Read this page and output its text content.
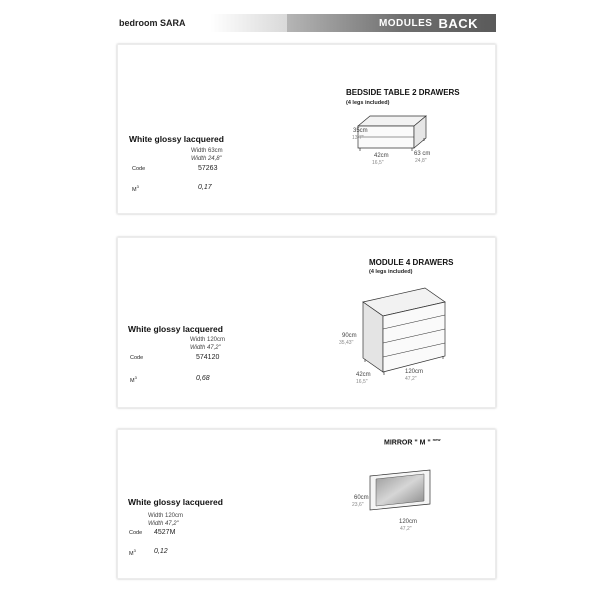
bedroom SARA	MODULES BACK
BEDSIDE TABLE 2 DRAWERS
(4 legs included)
White glossy lacquered
Width 63cm
Width 24,8''
Code	57263
$M^3$	0,17
35cm
13,7''
42cm
16,5''
63 cm
24,8''
MODULE 4 DRAWERS
(4 legs included)
White glossy lacquered
Width 120cm
Width 47,2''
Code	574120
$M^3$	0,68
90cm
35,43''
42cm
16,5''
120cm
47,2''
MIRROR " M " $^{new}$
White glossy lacquered
Width 120cm
Width 47,2''
Code 4527M
$M^3$	0,12
60cm
23,6''
120cm
47,2''
